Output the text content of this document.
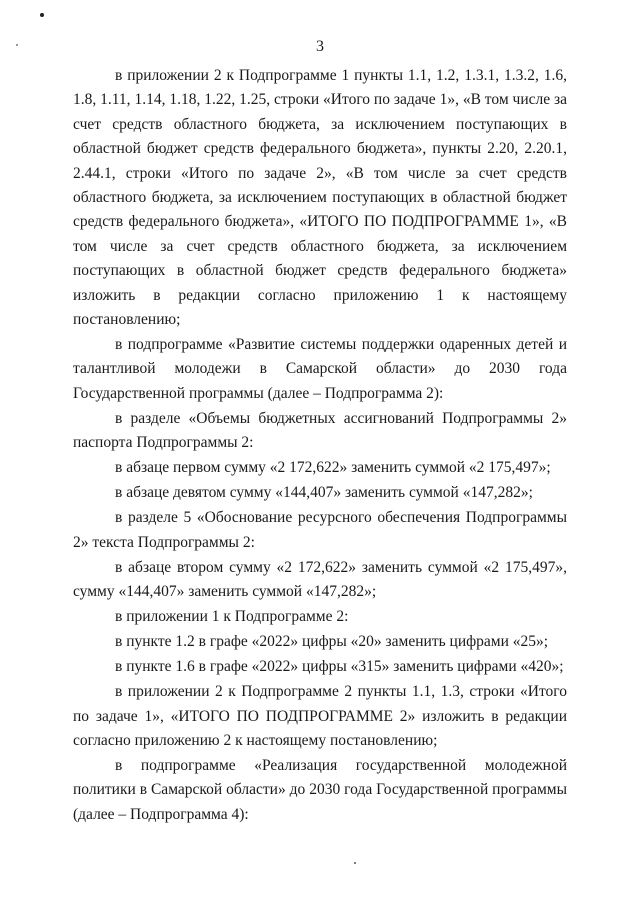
3

в приложении 2 к Подпрограмме 1 пункты 1.1, 1.2, 1.3.1, 1.3.2, 1.6, 1.8, 1.11, 1.14, 1.18, 1.22, 1.25, строки «Итого по задаче 1», «В том числе за счет средств областного бюджета, за исключением поступающих в областной бюджет средств федерального бюджета», пункты 2.20, 2.20.1, 2.44.1, строки «Итого по задаче 2», «В том числе за счет средств областного бюджета, за исключением поступающих в областной бюджет средств федерального бюджета», «ИТОГО ПО ПОДПРОГРАММЕ 1», «В том числе за счет средств областного бюджета, за исключением поступающих в областной бюджет средств федерального бюджета» изложить в редакции согласно приложению 1 к настоящему постановлению;

в подпрограмме «Развитие системы поддержки одаренных детей и талантливой молодежи в Самарской области» до 2030 года Государственной программы (далее – Подпрограмма 2):

в разделе «Объемы бюджетных ассигнований Подпрограммы 2» паспорта Подпрограммы 2:

в абзаце первом сумму «2 172,622» заменить суммой «2 175,497»;

в абзаце девятом сумму «144,407» заменить суммой «147,282»;

в разделе 5 «Обоснование ресурсного обеспечения Подпрограммы 2» текста Подпрограммы 2:

в абзаце втором сумму «2 172,622» заменить суммой «2 175,497», сумму «144,407» заменить суммой «147,282»;

в приложении 1 к Подпрограмме 2:

в пункте 1.2 в графе «2022» цифры «20» заменить цифрами «25»;

в пункте 1.6 в графе «2022» цифры «315» заменить цифрами «420»;

в приложении 2 к Подпрограмме 2 пункты 1.1, 1.3, строки «Итого по задаче 1», «ИТОГО ПО ПОДПРОГРАММЕ 2» изложить в редакции согласно приложению 2 к настоящему постановлению;

в подпрограмме «Реализация государственной молодежной политики в Самарской области» до 2030 года Государственной программы (далее – Подпрограмма 4):
